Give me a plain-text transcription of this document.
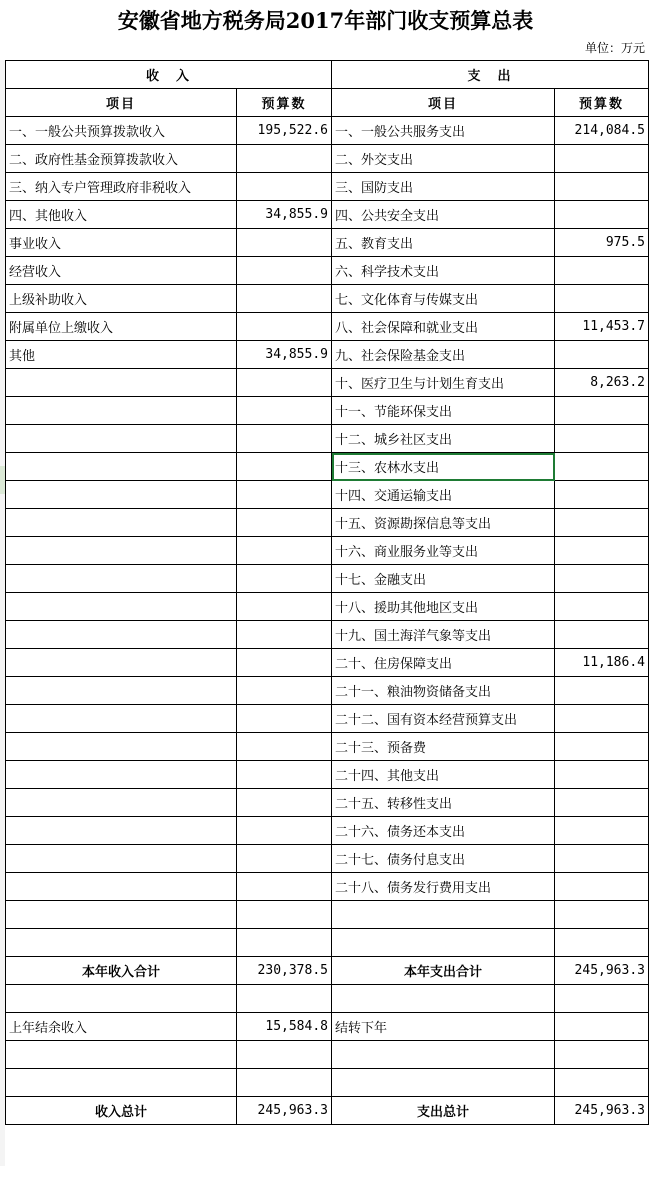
安徽省地方税务局2017年部门收支预算总表
单位：万元
收　入		支　出	
项目	预算数	项目	预算数
一、一般公共预算拨款收入	195,522.6	一、一般公共服务支出	214,084.5
二、政府性基金预算拨款收入		二、外交支出	
三、纳入专户管理政府非税收入		三、国防支出	
四、其他收入	34,855.9	四、公共安全支出	
事业收入		五、教育支出	975.5
经营收入		六、科学技术支出	
上级补助收入		七、文化体育与传媒支出	
附属单位上缴收入		八、社会保障和就业支出	11,453.7
其他	34,855.9	九、社会保险基金支出	
		十、医疗卫生与计划生育支出	8,263.2
		十一、节能环保支出	
		十二、城乡社区支出	
		十三、农林水支出	
		十四、交通运输支出	
		十五、资源勘探信息等支出	
		十六、商业服务业等支出	
		十七、金融支出	
		十八、援助其他地区支出	
		十九、国土海洋气象等支出	
		二十、住房保障支出	11,186.4
		二十一、粮油物资储备支出	
		二十二、国有资本经营预算支出	
		二十三、预备费	
		二十四、其他支出	
		二十五、转移性支出	
		二十六、债务还本支出	
		二十七、债务付息支出	
		二十八、债务发行费用支出	

本年收入合计	230,378.5	本年支出合计	245,963.3

上年结余收入	15,584.8	结转下年	

收入总计	245,963.3	支出总计	245,963.3
